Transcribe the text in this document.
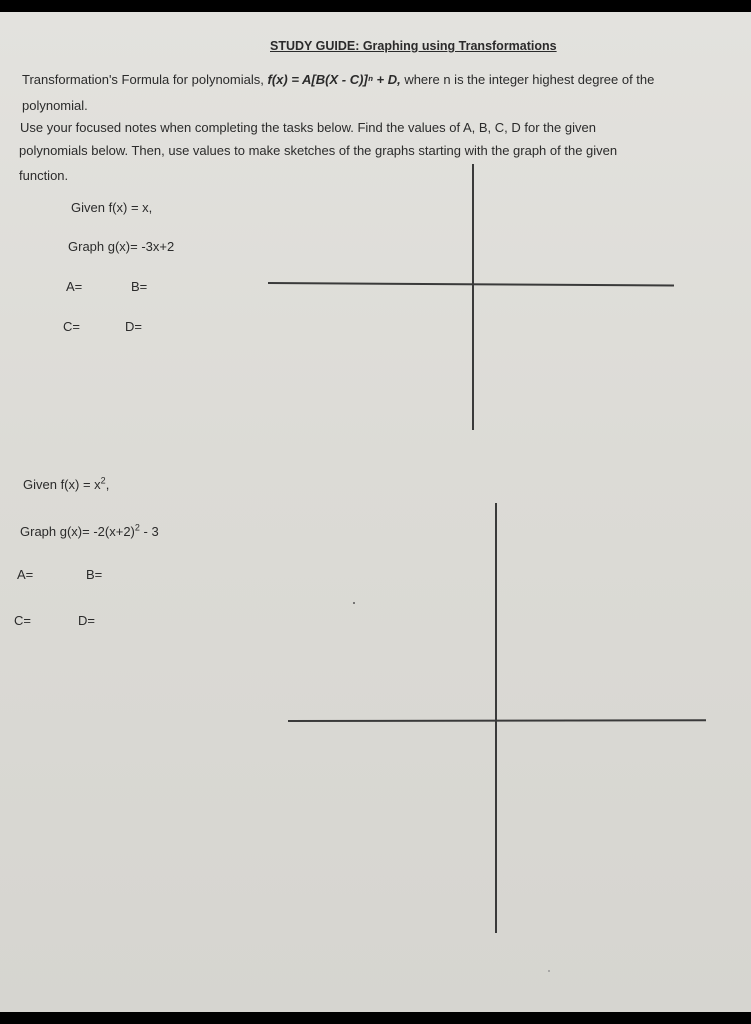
STUDY GUIDE: Graphing using Transformations
Transformation's Formula for polynomials, f(x) = A[B(X - C)]ⁿ + D, where n is the integer highest degree of the
polynomial.
Use your focused notes when completing the tasks below. Find the values of A, B, C, D for the given
polynomials below. Then, use values to make sketches of the graphs starting with the graph of the given
function.
Given f(x) = x,
Graph g(x)= -3x+2
A=	B=
C=	D=
Given $f(x) = x^2$,
Graph $g(x)= -2(x+2)^2 - 3$
A=	B=
C=	D=
